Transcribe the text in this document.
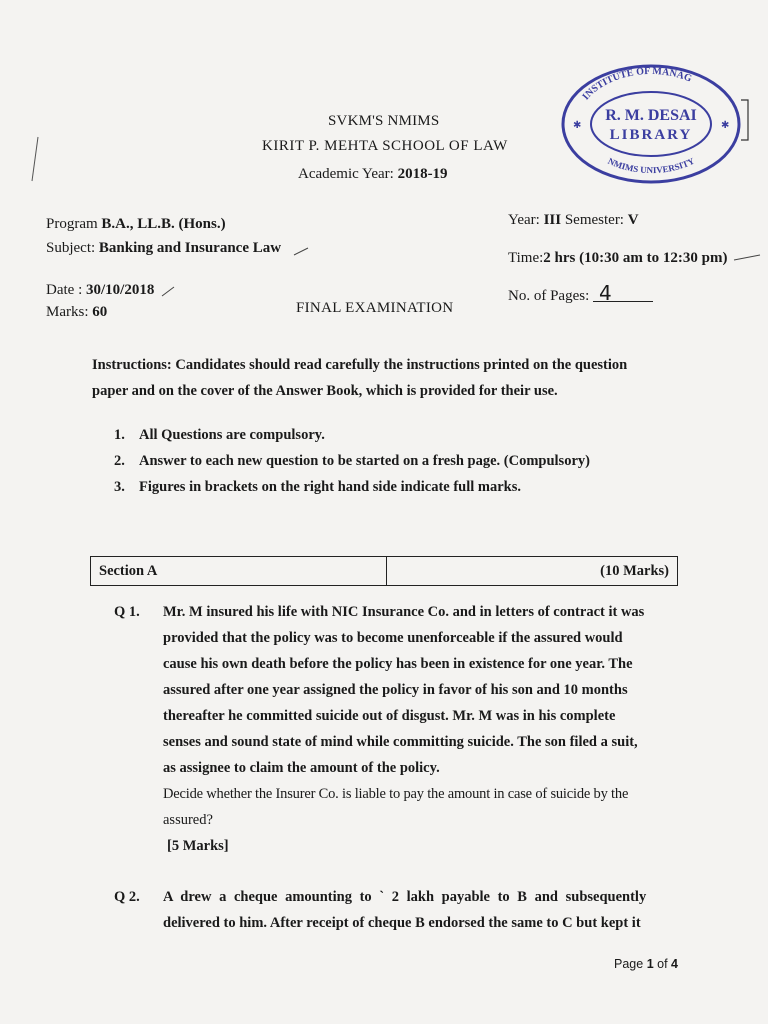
SVKM'S NMIMS
KIRIT P. MEHTA SCHOOL OF LAW
Academic Year: 2018-19
INSTITUTE OF MANAG
NMIMS UNIVERSITY
R. M. DESAI
LIBRARY
✱	✱
Program B.A., LL.B. (Hons.)
Subject: Banking and Insurance Law
Date : 30/10/2018
Marks: 60
Year: III Semester: V
Time:2 hrs (10:30 am to 12:30 pm)
No. of Pages: 4
FINAL EXAMINATION
Instructions: Candidates should read carefully the instructions printed on the question
paper and on the cover of the Answer Book, which is provided for their use.
1. All Questions are compulsory.
2. Answer to each new question to be started on a fresh page. (Compulsory)
3. Figures in brackets on the right hand side indicate full marks.
Section A	(10 Marks)
Q 1. Mr. M insured his life with NIC Insurance Co. and in letters of contract it was
provided that the policy was to become unenforceable if the assured would
cause his own death before the policy has been in existence for one year. The
assured after one year assigned the policy in favor of his son and 10 months
thereafter he committed suicide out of disgust. Mr. M was in his complete
senses and sound state of mind while committing suicide. The son filed a suit,
as assignee to claim the amount of the policy.
Decide whether the Insurer Co. is liable to pay the amount in case of suicide by the
assured?
[5 Marks]
Q 2. A drew a cheque amounting to ` 2 lakh payable to B and subsequently
delivered to him. After receipt of cheque B endorsed the same to C but kept it
Page 1 of 4
